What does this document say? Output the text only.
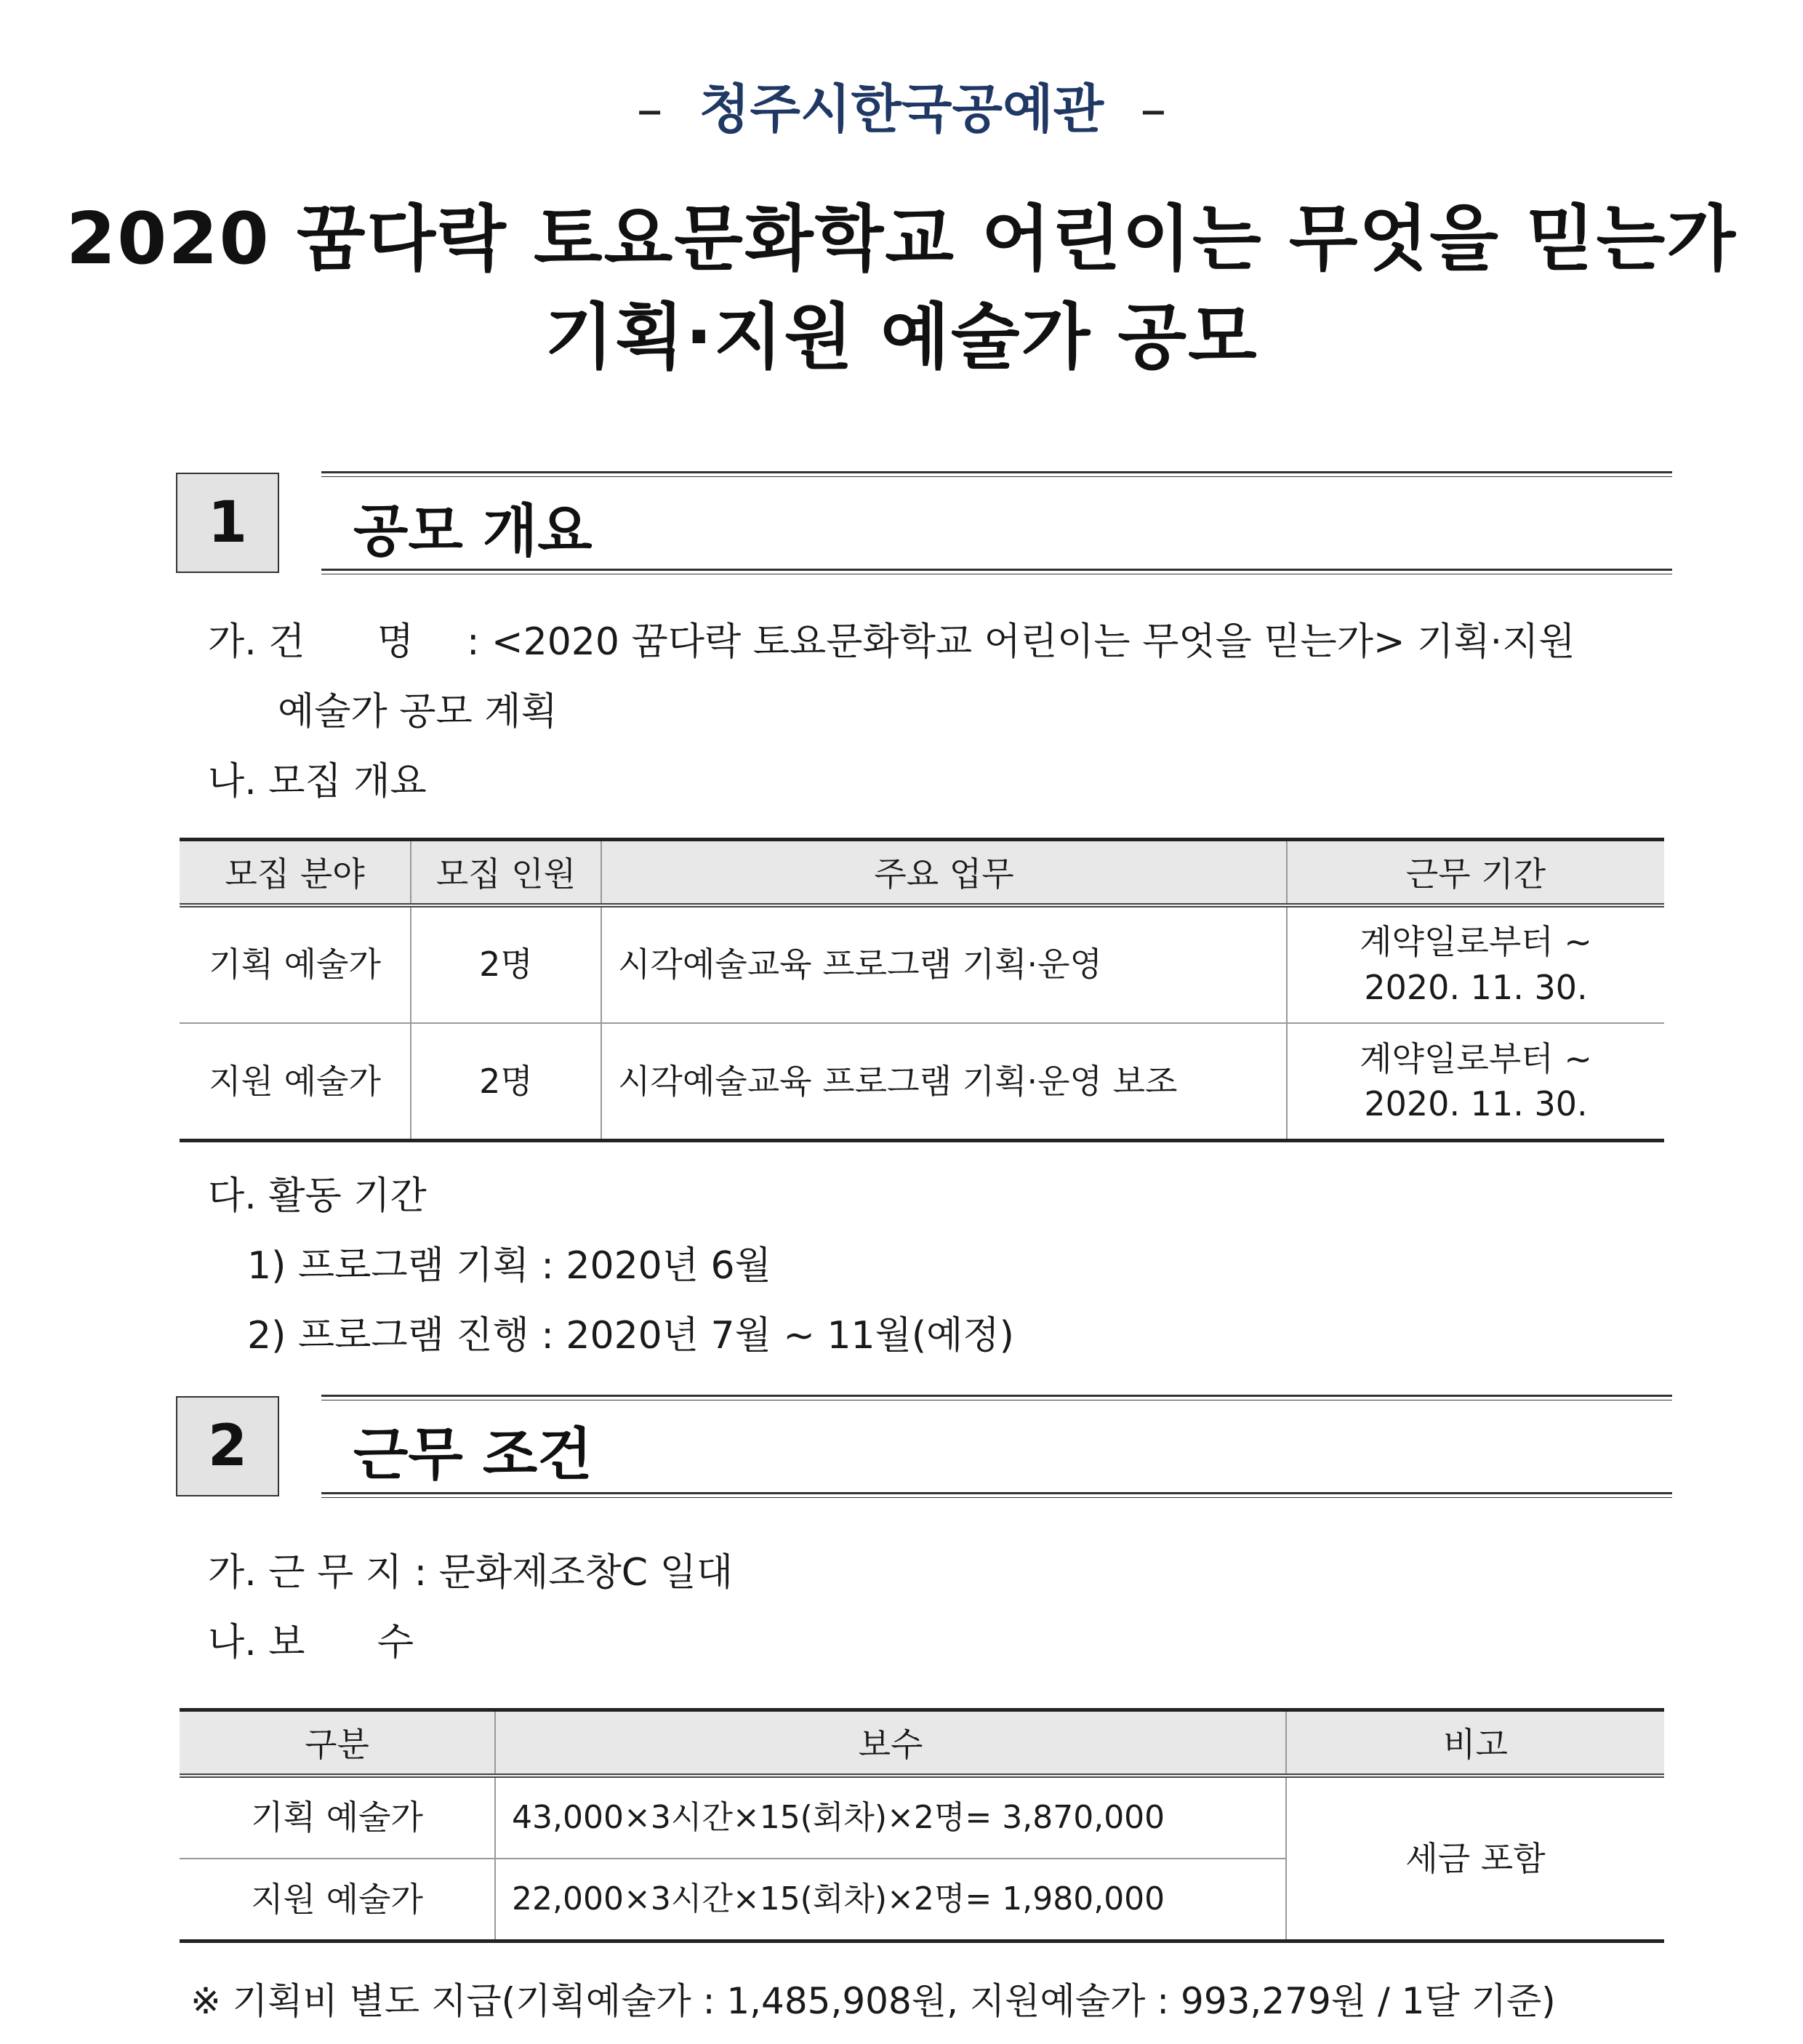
– 청주시한국공예관 –
2020 꿈다락 토요문화학교 어린이는 무엇을 믿는가
기획·지원 예술가 공모
1	공모 개요
가. 건      명 : <2020 꿈다락 토요문화학교 어린이는 무엇을 믿는가> 기획·지원
예술가 공모 계획
나. 모집 개요
모집 분야	모집 인원	주요 업무	근무 기간
기획 예술가	2명	시각예술교육 프로그램 기획·운영	계약일로부터 ~
2020. 11. 30.

지원 예술가	2명	시각예술교육 프로그램 기획·운영 보조	계약일로부터 ~
2020. 11. 30.
다. 활동 기간
1) 프로그램 기획 : 2020년 6월
2) 프로그램 진행 : 2020년 7월 ~ 11월(예정)
2	근무 조건
가. 근 무 지 : 문화제조창C 일대
나. 보      수
구분	보수	비고
기획 예술가	43,000×3시간×15(회차)×2명= 3,870,000	세금 포함
지원 예술가	22,000×3시간×15(회차)×2명= 1,980,000	
※ 기획비 별도 지급(기획예술가 : 1,485,908원, 지원예술가 : 993,279원 / 1달 기준)
